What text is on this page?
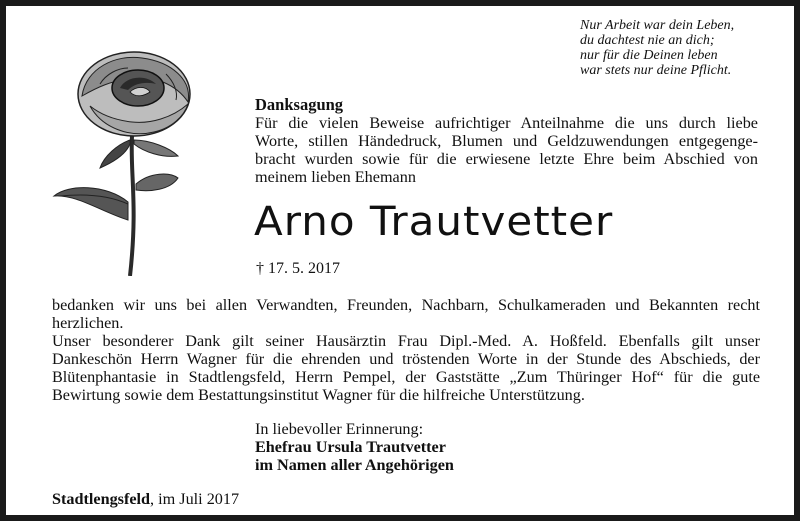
Nur Arbeit war dein Leben,
du dachtest nie an dich;
nur für die Deinen leben
war stets nur deine Pflicht.
Danksagung
Für die vielen Beweise aufrichtiger Anteilnahme die uns durch liebe
Worte, stillen Händedruck, Blumen und Geldzuwendungen entgegenge-
bracht wurden sowie für die erwiesene letzte Ehre beim Abschied von
meinem lieben Ehemann
Arno Trautvetter
† 17. 5. 2017
bedanken wir uns bei allen Verwandten, Freunden, Nachbarn, Schulkameraden und Bekannten recht
herzlichen.
Unser besonderer Dank gilt seiner Hausärztin Frau Dipl.-Med. A. Hoßfeld. Ebenfalls gilt unser
Dankeschön Herrn Wagner für die ehrenden und tröstenden Worte in der Stunde des Abschieds, der
Blütenphantasie in Stadtlengsfeld, Herrn Pempel, der Gaststätte „Zum Thüringer Hof“ für die gute
Bewirtung sowie dem Bestattungsinstitut Wagner für die hilfreiche Unterstützung.
In liebevoller Erinnerung:
Ehefrau Ursula Trautvetter
im Namen aller Angehörigen
Stadtlengsfeld, im Juli 2017
